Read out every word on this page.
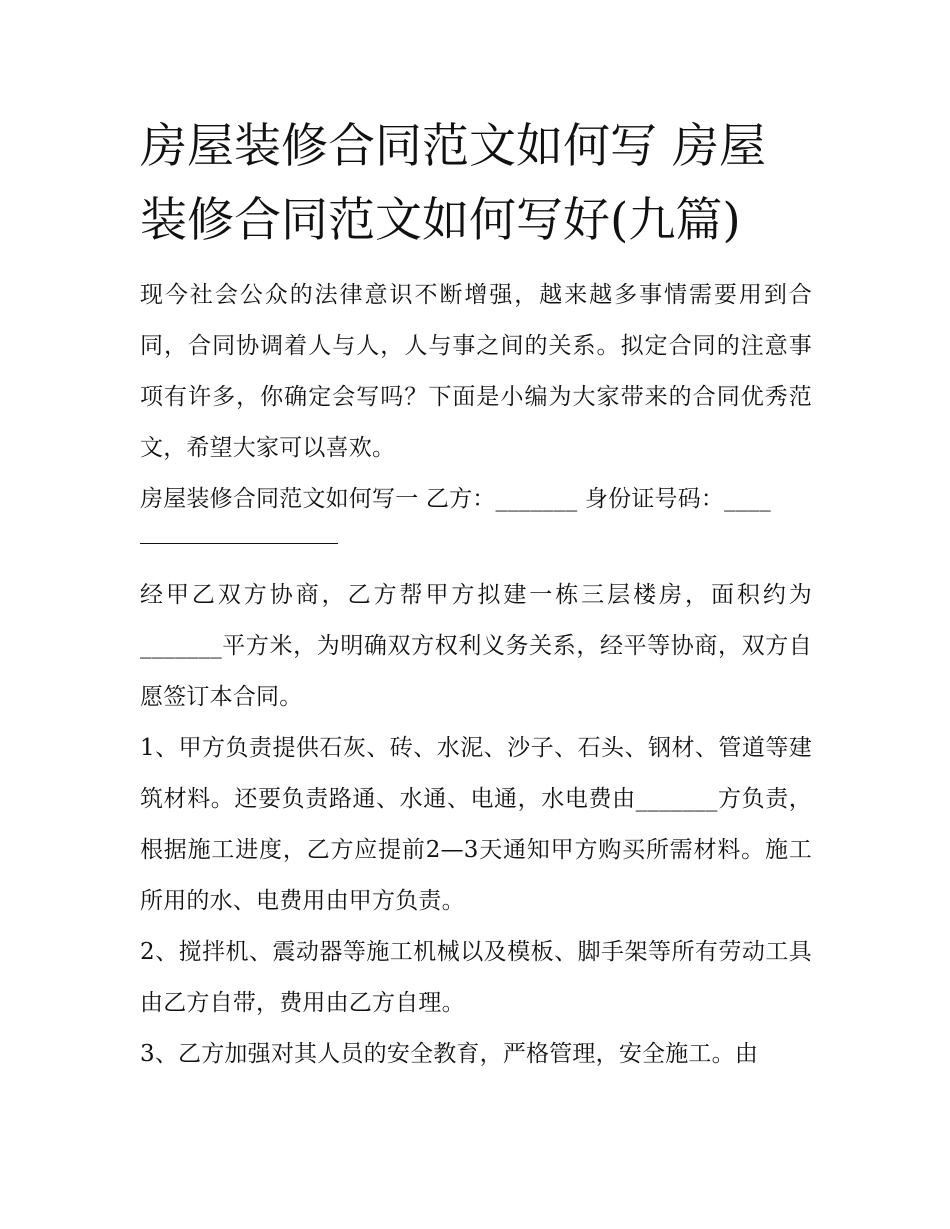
房屋装修合同范文如何写 房屋装修合同范文如何写好(九篇)

现今社会公众的法律意识不断增强，越来越多事情需要用到合同，合同协调着人与人，人与事之间的关系。拟定合同的注意事项有许多，你确定会写吗？下面是小编为大家带来的合同优秀范文，希望大家可以喜欢。

房屋装修合同范文如何写一 乙方：_______ 身份证号码：____

经甲乙双方协商，乙方帮甲方拟建一栋三层楼房，面积约为_______平方米，为明确双方权利义务关系，经平等协商，双方自愿签订本合同。

1、甲方负责提供石灰、砖、水泥、沙子、石头、钢材、管道等建筑材料。还要负责路通、水通、电通，水电费由_______方负责，根据施工进度，乙方应提前2—3天通知甲方购买所需材料。施工所用的水、电费用由甲方负责。

2、搅拌机、震动器等施工机械以及模板、脚手架等所有劳动工具由乙方自带，费用由乙方自理。

3、乙方加强对其人员的安全教育，严格管理，安全施工。由
